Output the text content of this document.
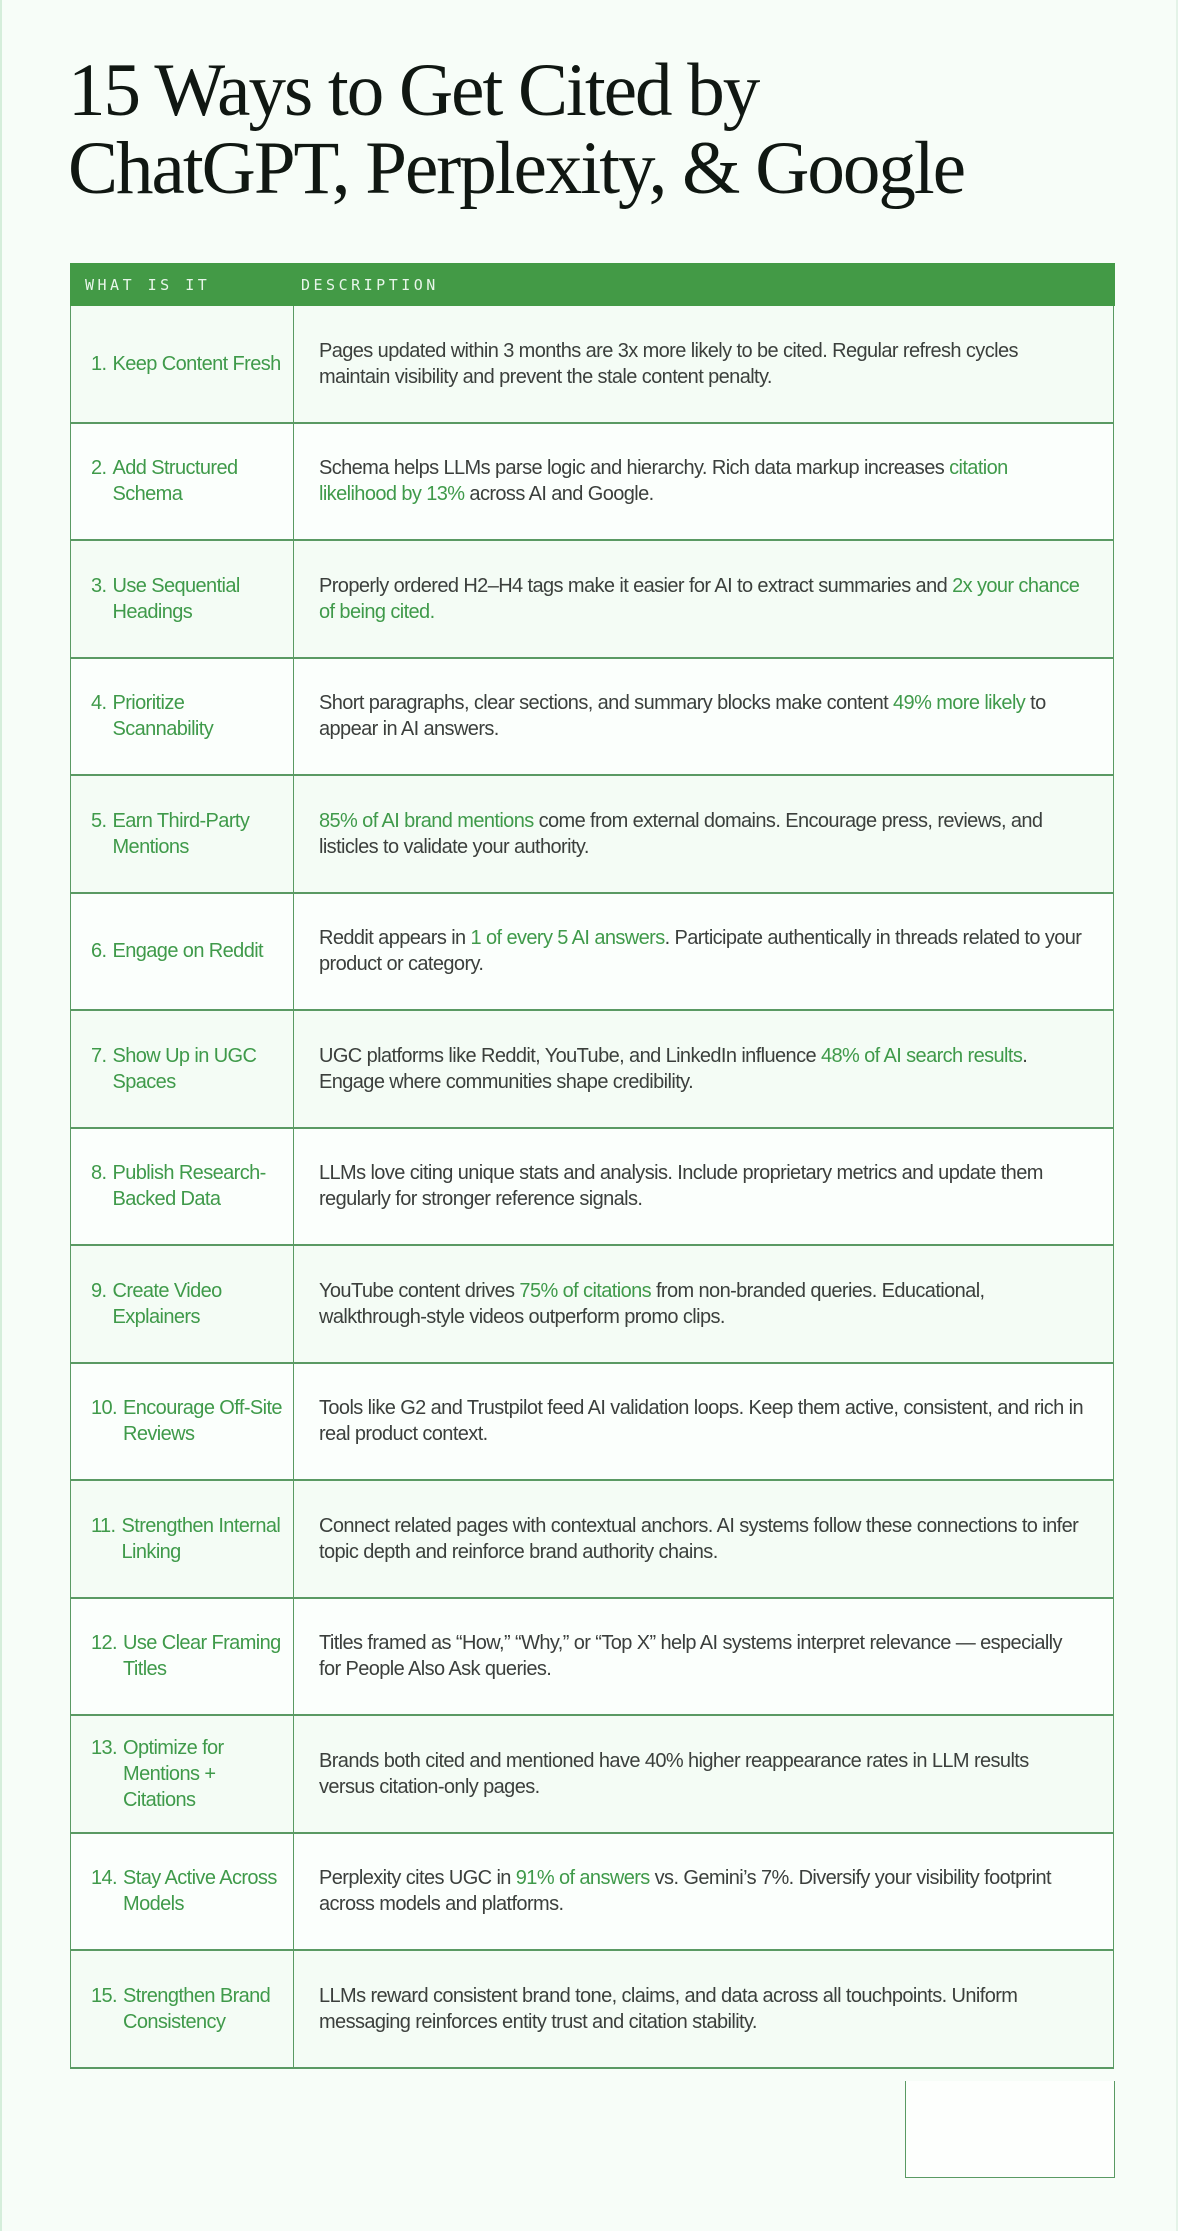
15 Ways to Get Cited by
ChatGPT, Perplexity, & Google
WHAT IS IT	DESCRIPTION
1. Keep Content Fresh
Pages updated within 3 months are 3x more likely to be cited. Regular refresh cycles maintain visibility and prevent the stale content penalty.
2. Add Structured Schema
Schema helps LLMs parse logic and hierarchy. Rich data markup increases citation likelihood by 13% across AI and Google.
3. Use Sequential Headings
Properly ordered H2–H4 tags make it easier for AI to extract summaries and 2x your chance of being cited.
4. Prioritize Scannability
Short paragraphs, clear sections, and summary blocks make content 49% more likely to appear in AI answers.
5. Earn Third-Party Mentions
85% of AI brand mentions come from external domains. Encourage press, reviews, and listicles to validate your authority.
6. Engage on Reddit
Reddit appears in 1 of every 5 AI answers. Participate authentically in threads related to your product or category.
7. Show Up in UGC Spaces
UGC platforms like Reddit, YouTube, and LinkedIn influence 48% of AI search results. Engage where communities shape credibility.
8. Publish Research-Backed Data
LLMs love citing unique stats and analysis. Include proprietary metrics and update them regularly for stronger reference signals.
9. Create Video Explainers
YouTube content drives 75% of citations from non-branded queries. Educational, walkthrough-style videos outperform promo clips.
10. Encourage Off-Site Reviews
Tools like G2 and Trustpilot feed AI validation loops. Keep them active, consistent, and rich in real product context.
11. Strengthen Internal Linking
Connect related pages with contextual anchors. AI systems follow these connections to infer topic depth and reinforce brand authority chains.
12. Use Clear Framing Titles
Titles framed as “How,” “Why,” or “Top X” help AI systems interpret relevance — especially for People Also Ask queries.
13. Optimize for Mentions + Citations
Brands both cited and mentioned have 40% higher reappearance rates in LLM results versus citation-only pages.
14. Stay Active Across Models
Perplexity cites UGC in 91% of answers vs. Gemini’s 7%. Diversify your visibility footprint across models and platforms.
15. Strengthen Brand Consistency
LLMs reward consistent brand tone, claims, and data across all touchpoints. Uniform messaging reinforces entity trust and citation stability.
